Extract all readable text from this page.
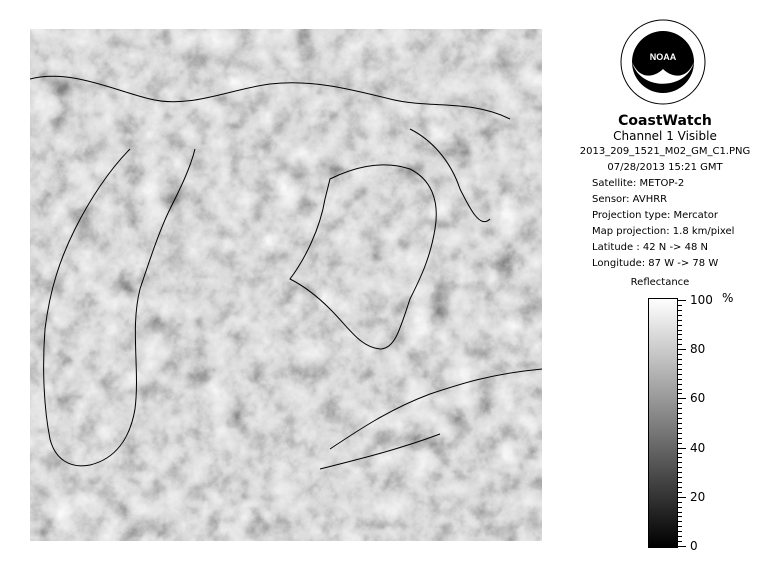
NOAA
CoastWatch
Channel 1 Visible
2013_209_1521_M02_GM_C1.PNG
07/28/2013 15:21 GMT
Satellite: METOP-2
Sensor: AVHRR
Projection type: Mercator
Map projection: 1.8 km/pixel
Latitude : 42 N -> 48 N
Longitude: 87 W -> 78 W
Reflectance
%
100
80
60
40
20
0
